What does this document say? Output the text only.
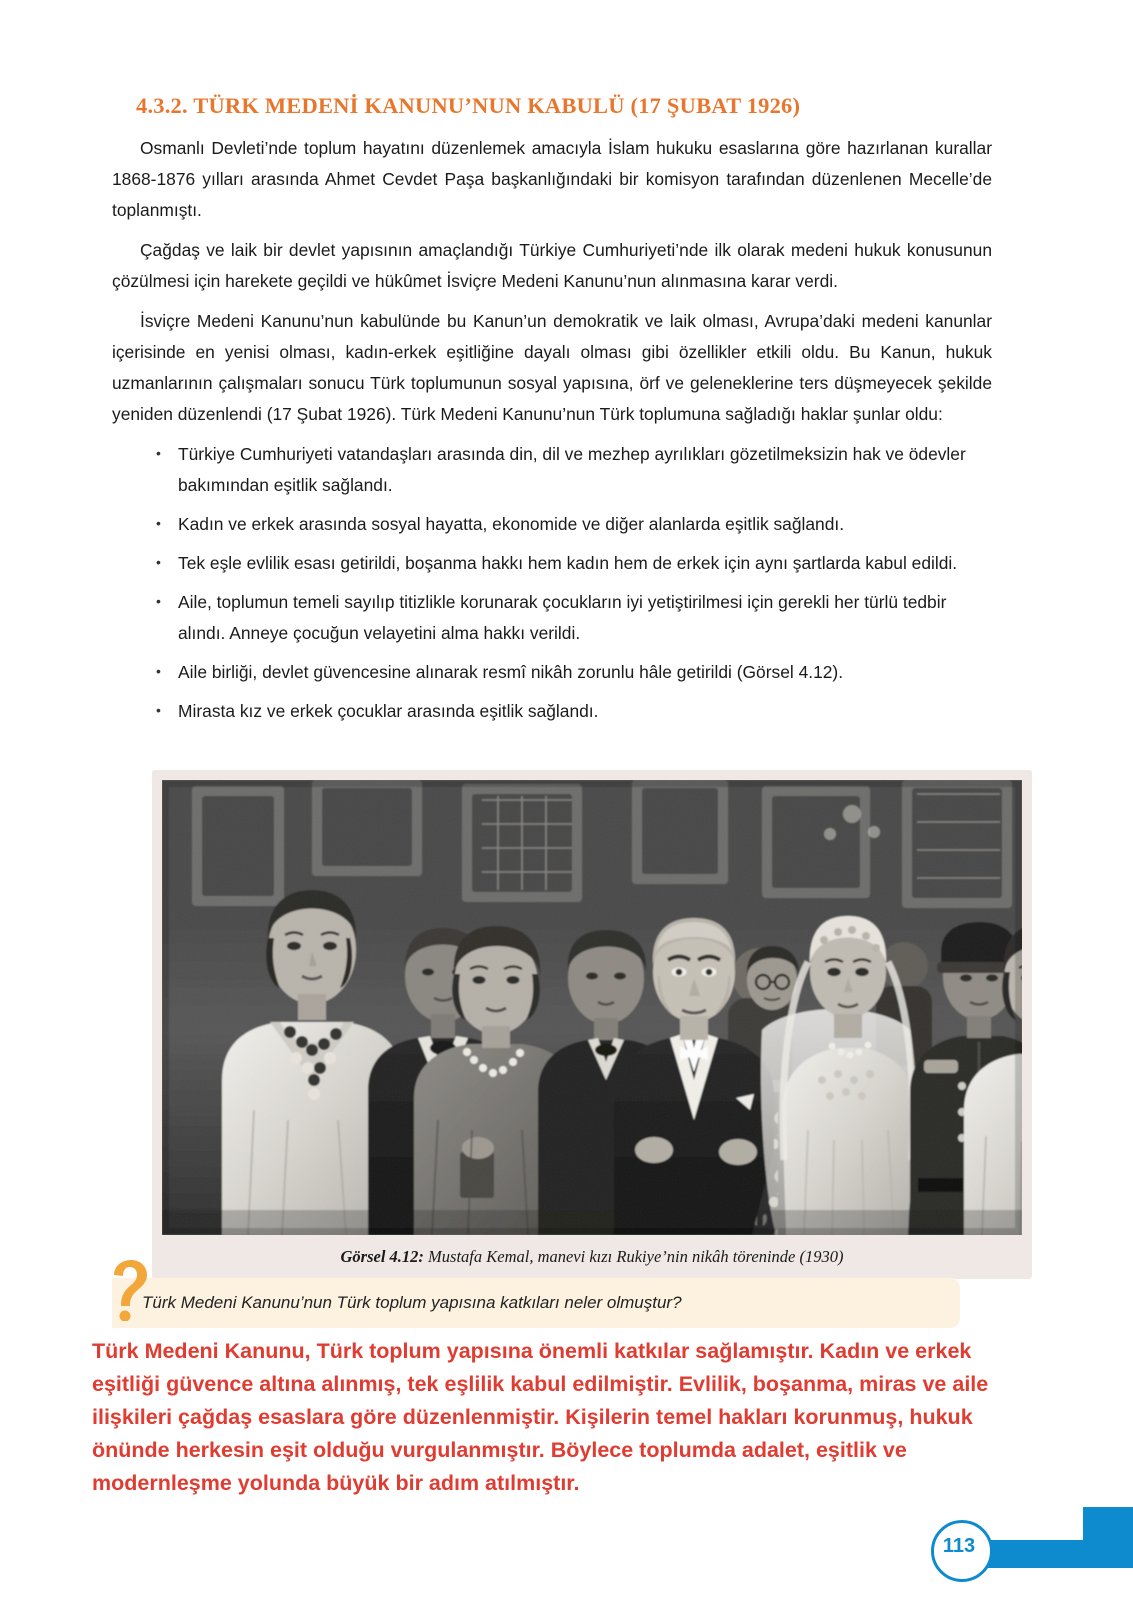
4.3.2. TÜRK MEDENİ KANUNU’NUN KABULÜ (17 ŞUBAT 1926)

Osmanlı Devleti’nde toplum hayatını düzenlemek amacıyla İslam hukuku esaslarına göre hazırlanan kurallar 1868-1876 yılları arasında Ahmet Cevdet Paşa başkanlığındaki bir komisyon tarafından düzenlenen Mecelle’de toplanmıştı.

Çağdaş ve laik bir devlet yapısının amaçlandığı Türkiye Cumhuriyeti’nde ilk olarak medeni hukuk konusunun çözülmesi için harekete geçildi ve hükûmet İsviçre Medeni Kanunu’nun alınmasına karar verdi.

İsviçre Medeni Kanunu’nun kabulünde bu Kanun’un demokratik ve laik olması, Avrupa’daki medeni kanunlar içerisinde en yenisi olması, kadın-erkek eşitliğine dayalı olması gibi özellikler etkili oldu. Bu Kanun, hukuk uzmanlarının çalışmaları sonucu Türk toplumunun sosyal yapısına, örf ve geleneklerine ters düşmeyecek şekilde yeniden düzenlendi (17 Şubat 1926). Türk Medeni Kanunu’nun Türk toplumuna sağladığı haklar şunlar oldu:

• Türkiye Cumhuriyeti vatandaşları arasında din, dil ve mezhep ayrılıkları gözetilmeksizin hak ve ödevler bakımından eşitlik sağlandı.
• Kadın ve erkek arasında sosyal hayatta, ekonomide ve diğer alanlarda eşitlik sağlandı.
• Tek eşle evlilik esası getirildi, boşanma hakkı hem kadın hem de erkek için aynı şartlarda kabul edildi.
• Aile, toplumun temeli sayılıp titizlikle korunarak çocukların iyi yetiştirilmesi için gerekli her türlü tedbir alındı. Anneye çocuğun velayetini alma hakkı verildi.
• Aile birliği, devlet güvencesine alınarak resmî nikâh zorunlu hâle getirildi (Görsel 4.12).
• Mirasta kız ve erkek çocuklar arasında eşitlik sağlandı.
Görsel 4.12: Mustafa Kemal, manevi kızı Rukiye’nin nikâh töreninde (1930)
Türk Medeni Kanunu’nun Türk toplum yapısına katkıları neler olmuştur?
Türk Medeni Kanunu, Türk toplum yapısına önemli katkılar sağlamıştır. Kadın ve erkek eşitliği güvence altına alınmış, tek eşlilik kabul edilmiştir. Evlilik, boşanma, miras ve aile ilişkileri çağdaş esaslara göre düzenlenmiştir. Kişilerin temel hakları korunmuş, hukuk önünde herkesin eşit olduğu vurgulanmıştır. Böylece toplumda adalet, eşitlik ve modernleşme yolunda büyük bir adım atılmıştır.
113
